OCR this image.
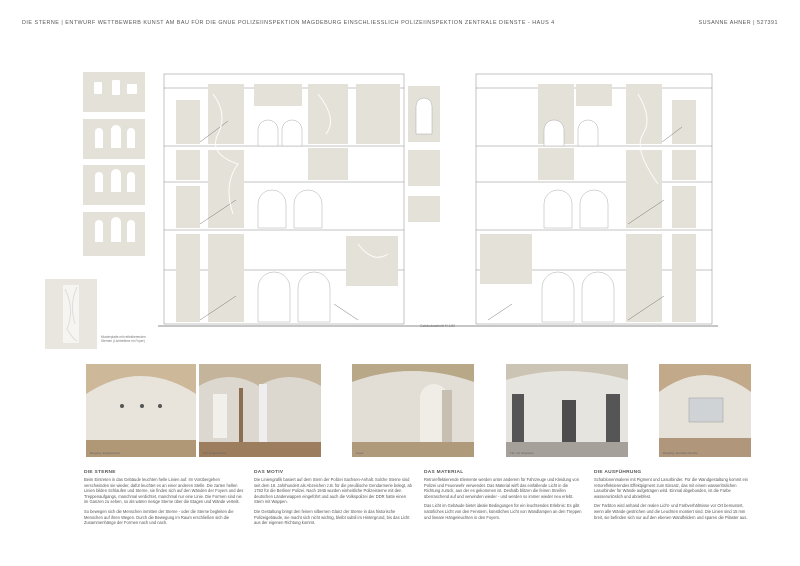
DIE STERNE | ENTWURF WETTBEWERB KUNST AM BAU FÜR DIE GNUE POLIZEIINSPEKTION MAGDEBURG EINSCHLIESSLICH POLIZEIINSPEKTION ZENTRALE DIENSTE - HAUS 4	SUSANNE AHNER | 527391
Musterplatte mit reflektierenden Sternen (Lichtreflexe im Foyer)
Gebäudeschnitt M 1:50
Eingang, Erdgeschoss	Flur Erdgeschoss	Foyer	Flur mit Glastüren	Eingang, Zentrale Dienste
DIE STERNE

Beim Eintreten in das Gebäude leuchten helle Linien auf. Im Vorübergehen verschwinden sie wieder, dafür leuchtet es an einer anderen Stelle. Die zarten hellen Linien bilden Schlaufen und Sterne, sie finden sich auf den Wänden der Foyers und des Treppenaufgangs, manchmal verdichtet, manchmal nur eine Linie. Die Formen sind nie im Ganzen zu sehen, so als wären riesige Sterne über die Etagen und Wände verteilt.

So bewegen sich die Menschen inmitten der Sterne - oder die Sterne begleiten die Menschen auf ihren Wegen. Durch die Bewegung im Raum erschließen sich die Zusammenhänge der Formen nach und nach.

DAS MOTIV

Die Liniengrafik basiert auf dem Stern der Polizei Sachsen-Anhalt. Solche Sterne sind seit dem 18. Jahrhundert als Abzeichen z.B. für die preußische Gendarmerie belegt, ab 1782 für die Berliner Polizei. Nach 1945 wurden einheitliche Polizeisterne mit den deutschen Länderwappen eingeführt und auch die Volkspolizei der DDR hatte einen Stern mit Wappen.

Die Gestaltung bringt den feinen silbernen Glanz der Sterne in das historische Polizeigebäude, sie macht sich nicht wichtig, bleibt subtil im Hintergrund, bis das Licht aus der eigenen Richtung kommt.

DAS MATERIAL

Retroreflektierende Elemente werden unter anderem für Fahrzeuge und Kleidung von Polizei und Feuerwehr verwendet. Das Material wirft das einfallende Licht in die Richtung zurück, aus der es gekommen ist. Deshalb blitzen die feinen Streifen überraschend auf und verwinden wieder - und werden so immer wieder neu erlebt.

Das Licht im Gebäude bietet ideale Bedingungen für ein leuchtendes Erlebnis: Es gibt natürliches Licht von den Fenstern, künstliches Licht von Wandlampen an den Treppen und lineare Hängeleuchten in den Foyers.

DIE AUSFÜHRUNG

Schablonenmalerei mit Pigment und Lasurbinder. Für die Wandgestaltung kommt ein retroreflektierendes Effektpigment zum Einsatz, das mit einem wasserlöslichen Lasurbinder für Wände aufgetragen wird. Einmal abgebunden, ist die Farbe wasserunlöslich und abriebfest.

Der Farbton wird anhand der realen Licht- und Farbverhältnisse vor Ort bemustert, wenn alle Wände gestrichen und die Leuchten montiert sind. Die Linien sind 15 mm breit, sie befinden sich nur auf den ebenen Wandfeldern und sparen die Pilaster aus.
